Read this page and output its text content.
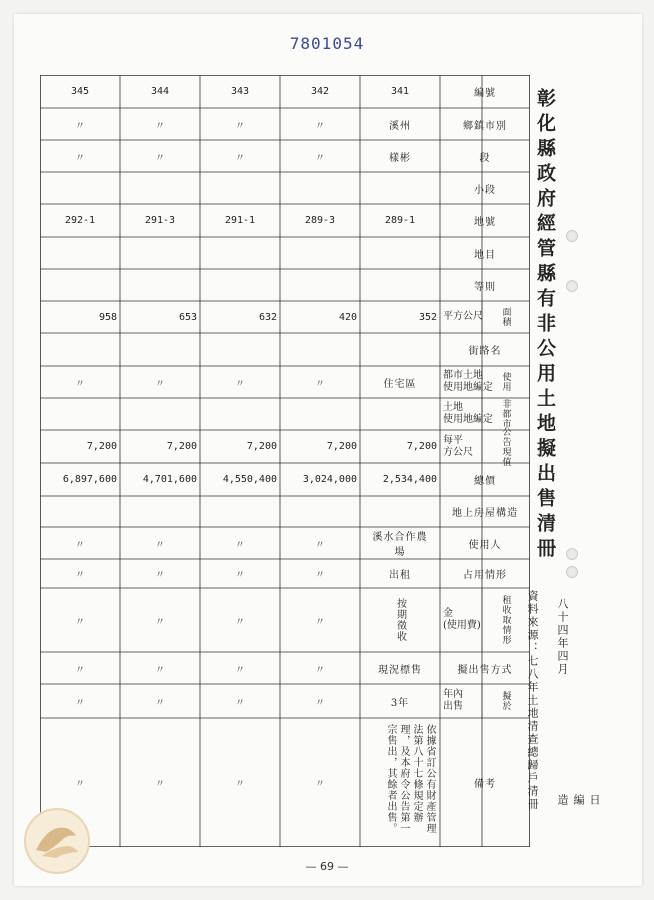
7801054
345
〃
〃
292-1
958
〃
7,200
6,897,600
〃
〃
〃
〃
〃
〃
344
〃
〃
291-3
653
〃
7,200
4,701,600
〃
〃
〃
〃
〃
〃
343
〃
〃
291-1
632
〃
7,200
4,550,400
〃
〃
〃
〃
〃
〃
342
〃
〃
289-3
420
〃
7,200
3,024,000
〃
〃
〃
〃
〃
〃
341
溪州
樣彬
289-1
352
住宅區
7,200
2,534,400
溪水合作農場
出租
按期徵收
現況標售
3年
依據省訂公有財產管理法第八十七條規定辦理，及本府令公告第一宗售出，其餘者出售。
編號
鄉鎮市別
段
小段
地號
地目
等則
面積
平方公尺
街路名
使用
都市土地
使用地編定
非都市
土地
使用地編定
公告現值
每平
方公尺
總價
地上房屋構造
使用人
占用情形
租收取情形
金
(使用費)
擬出售方式
擬於
年內
出售
備考
彰化縣政府經管縣有非公用土地擬出售清冊
資料來源：七八年土地清查總歸戶清冊 八十四年四月
日編造
— 69 —
